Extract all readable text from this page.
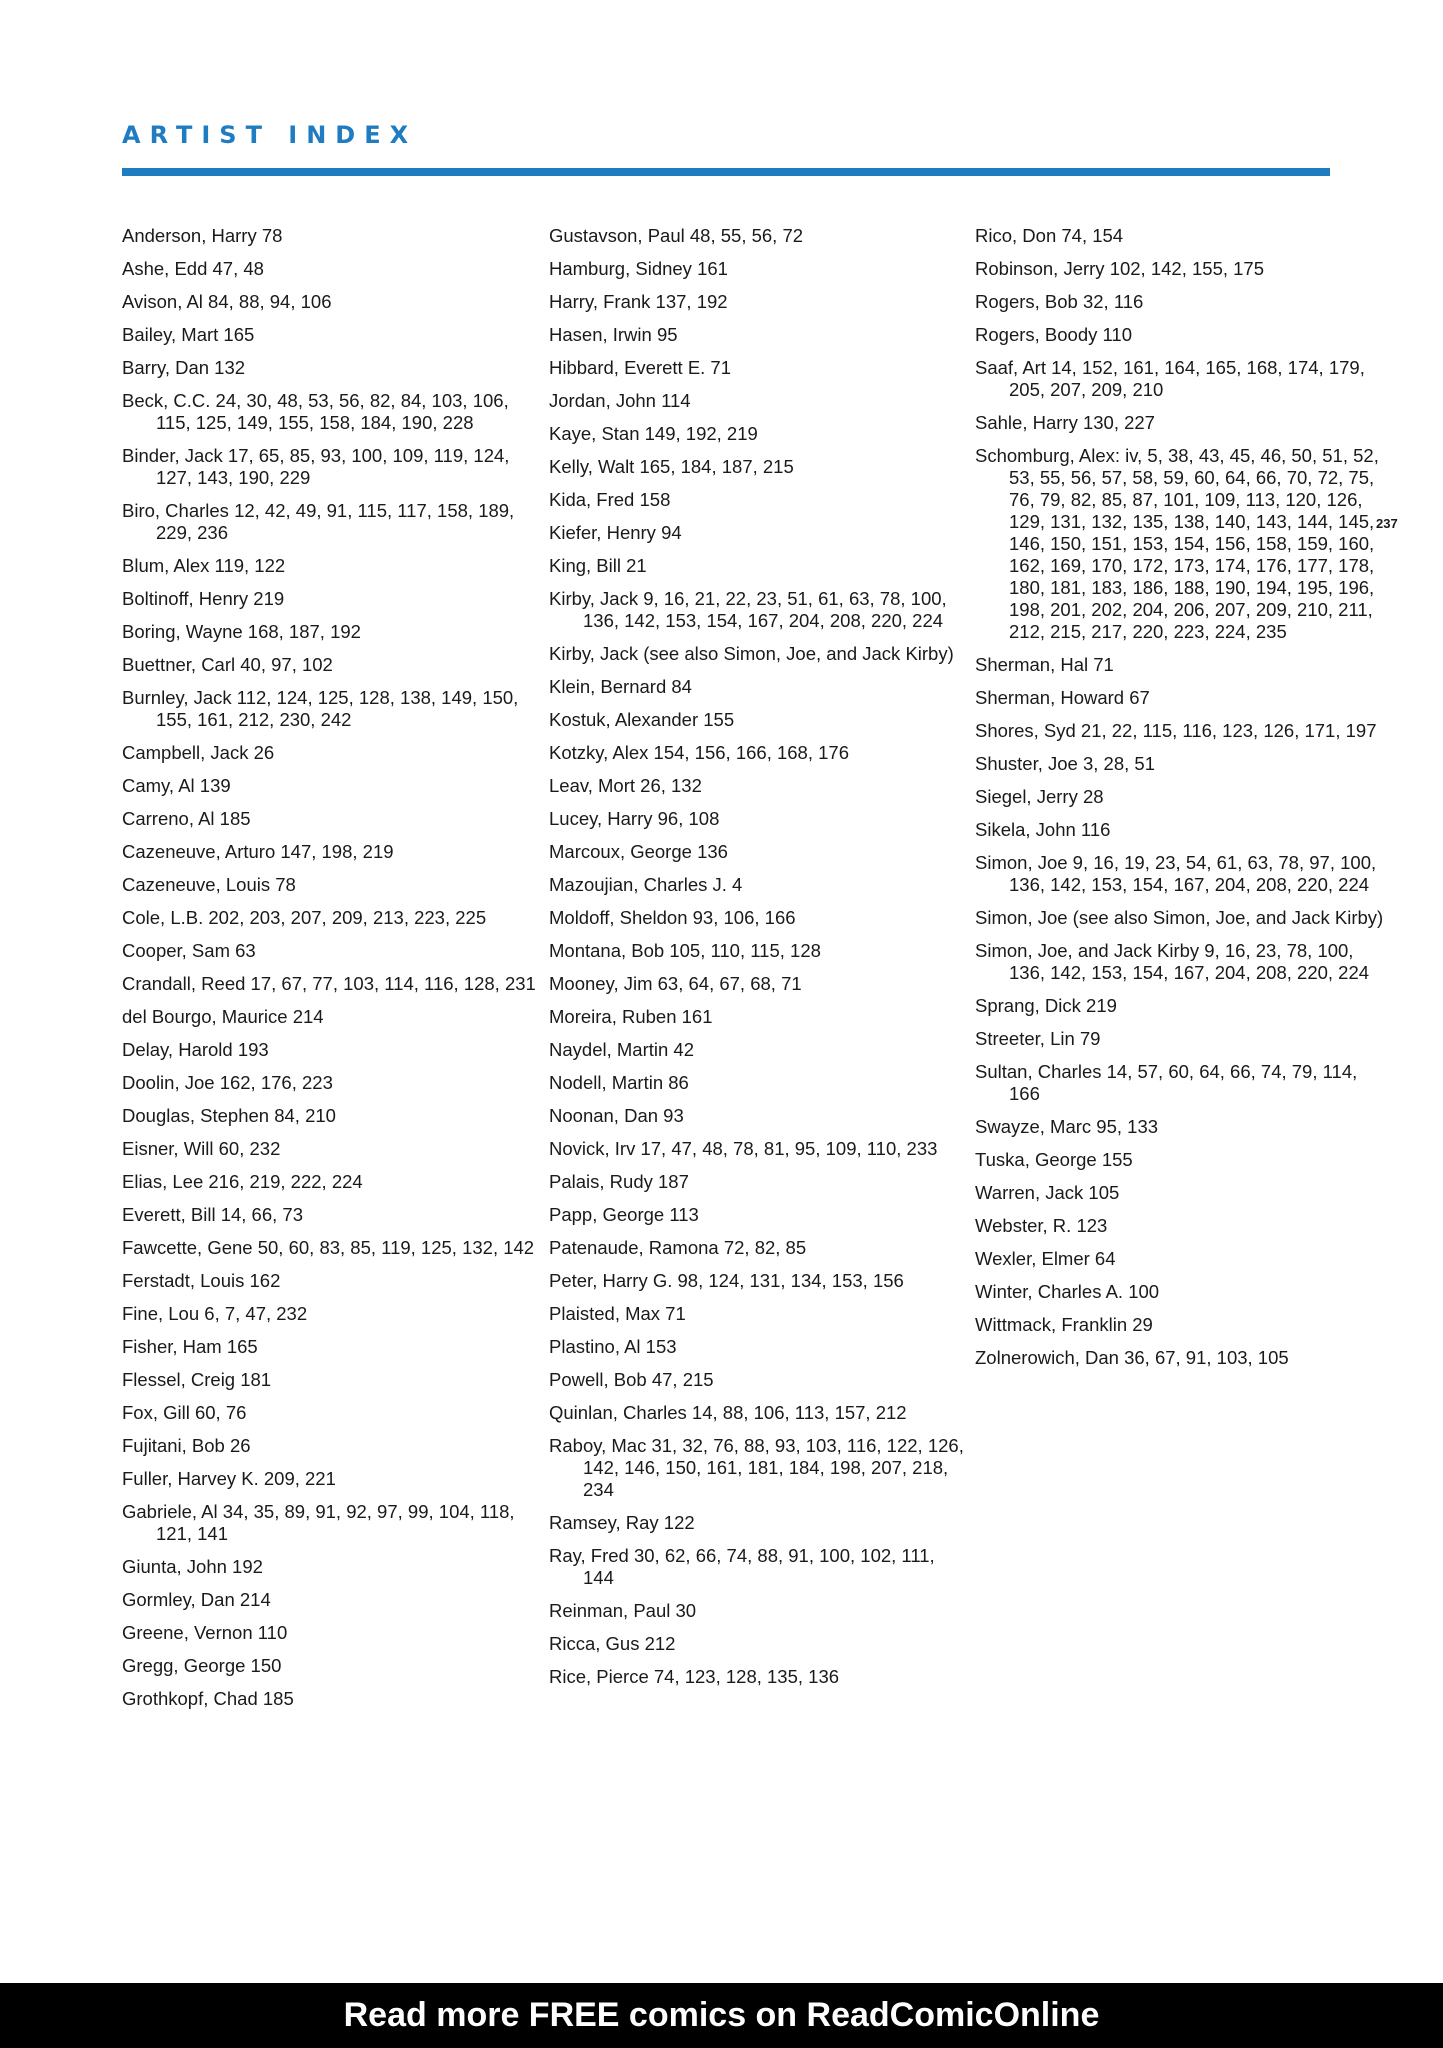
ARTIST INDEX

Anderson, Harry 78

Ashe, Edd 47, 48

Avison, Al 84, 88, 94, 106

Bailey, Mart 165

Barry, Dan 132

Beck, C.C. 24, 30, 48, 53, 56, 82, 84, 103, 106, 115, 125, 149, 155, 158, 184, 190, 228

Binder, Jack 17, 65, 85, 93, 100, 109, 119, 124, 127, 143, 190, 229

Biro, Charles 12, 42, 49, 91, 115, 117, 158, 189, 229, 236

Blum, Alex 119, 122

Boltinoff, Henry 219

Boring, Wayne 168, 187, 192

Buettner, Carl 40, 97, 102

Burnley, Jack 112, 124, 125, 128, 138, 149, 150, 155, 161, 212, 230, 242

Campbell, Jack 26

Camy, Al 139

Carreno, Al 185

Cazeneuve, Arturo 147, 198, 219

Cazeneuve, Louis 78

Cole, L.B. 202, 203, 207, 209, 213, 223, 225

Cooper, Sam 63

Crandall, Reed 17, 67, 77, 103, 114, 116, 128, 231

del Bourgo, Maurice 214

Delay, Harold 193

Doolin, Joe 162, 176, 223

Douglas, Stephen 84, 210

Eisner, Will 60, 232

Elias, Lee 216, 219, 222, 224

Everett, Bill 14, 66, 73

Fawcette, Gene 50, 60, 83, 85, 119, 125, 132, 142

Ferstadt, Louis 162

Fine, Lou 6, 7, 47, 232

Fisher, Ham 165

Flessel, Creig 181

Fox, Gill 60, 76

Fujitani, Bob 26

Fuller, Harvey K. 209, 221

Gabriele, Al 34, 35, 89, 91, 92, 97, 99, 104, 118, 121, 141

Giunta, John 192

Gormley, Dan 214

Greene, Vernon 110

Gregg, George 150

Grothkopf, Chad 185

Gustavson, Paul 48, 55, 56, 72

Hamburg, Sidney 161

Harry, Frank 137, 192

Hasen, Irwin 95

Hibbard, Everett E. 71

Jordan, John 114

Kaye, Stan 149, 192, 219

Kelly, Walt 165, 184, 187, 215

Kida, Fred 158

Kiefer, Henry 94

King, Bill 21

Kirby, Jack 9, 16, 21, 22, 23, 51, 61, 63, 78, 100, 136, 142, 153, 154, 167, 204, 208, 220, 224

Kirby, Jack (see also Simon, Joe, and Jack Kirby)

Klein, Bernard 84

Kostuk, Alexander 155

Kotzky, Alex 154, 156, 166, 168, 176

Leav, Mort 26, 132

Lucey, Harry 96, 108

Marcoux, George 136

Mazoujian, Charles J. 4

Moldoff, Sheldon 93, 106, 166

Montana, Bob 105, 110, 115, 128

Mooney, Jim 63, 64, 67, 68, 71

Moreira, Ruben 161

Naydel, Martin 42

Nodell, Martin 86

Noonan, Dan 93

Novick, Irv 17, 47, 48, 78, 81, 95, 109, 110, 233

Palais, Rudy 187

Papp, George 113

Patenaude, Ramona 72, 82, 85

Peter, Harry G. 98, 124, 131, 134, 153, 156

Plaisted, Max 71

Plastino, Al 153

Powell, Bob 47, 215

Quinlan, Charles 14, 88, 106, 113, 157, 212

Raboy, Mac 31, 32, 76, 88, 93, 103, 116, 122, 126, 142, 146, 150, 161, 181, 184, 198, 207, 218, 234

Ramsey, Ray 122

Ray, Fred 30, 62, 66, 74, 88, 91, 100, 102, 111, 144

Reinman, Paul 30

Ricca, Gus 212

Rice, Pierce 74, 123, 128, 135, 136

Rico, Don 74, 154

Robinson, Jerry 102, 142, 155, 175

Rogers, Bob 32, 116

Rogers, Boody 110

Saaf, Art 14, 152, 161, 164, 165, 168, 174, 179, 205, 207, 209, 210

Sahle, Harry 130, 227

Schomburg, Alex: iv, 5, 38, 43, 45, 46, 50, 51, 52, 53, 55, 56, 57, 58, 59, 60, 64, 66, 70, 72, 75, 76, 79, 82, 85, 87, 101, 109, 113, 120, 126, 129, 131, 132, 135, 138, 140, 143, 144, 145, 146, 150, 151, 153, 154, 156, 158, 159, 160, 162, 169, 170, 172, 173, 174, 176, 177, 178, 180, 181, 183, 186, 188, 190, 194, 195, 196, 198, 201, 202, 204, 206, 207, 209, 210, 211, 212, 215, 217, 220, 223, 224, 235

Sherman, Hal 71

Sherman, Howard 67

Shores, Syd 21, 22, 115, 116, 123, 126, 171, 197

Shuster, Joe 3, 28, 51

Siegel, Jerry 28

Sikela, John 116

Simon, Joe 9, 16, 19, 23, 54, 61, 63, 78, 97, 100, 136, 142, 153, 154, 167, 204, 208, 220, 224

Simon, Joe (see also Simon, Joe, and Jack Kirby)

Simon, Joe, and Jack Kirby 9, 16, 23, 78, 100, 136, 142, 153, 154, 167, 204, 208, 220, 224

Sprang, Dick 219

Streeter, Lin 79

Sultan, Charles 14, 57, 60, 64, 66, 74, 79, 114, 166

Swayze, Marc 95, 133

Tuska, George 155

Warren, Jack 105

Webster, R. 123

Wexler, Elmer 64

Winter, Charles A. 100

Wittmack, Franklin 29

Zolnerowich, Dan 36, 67, 91, 103, 105

237
Read more FREE comics on ReadComicOnline
